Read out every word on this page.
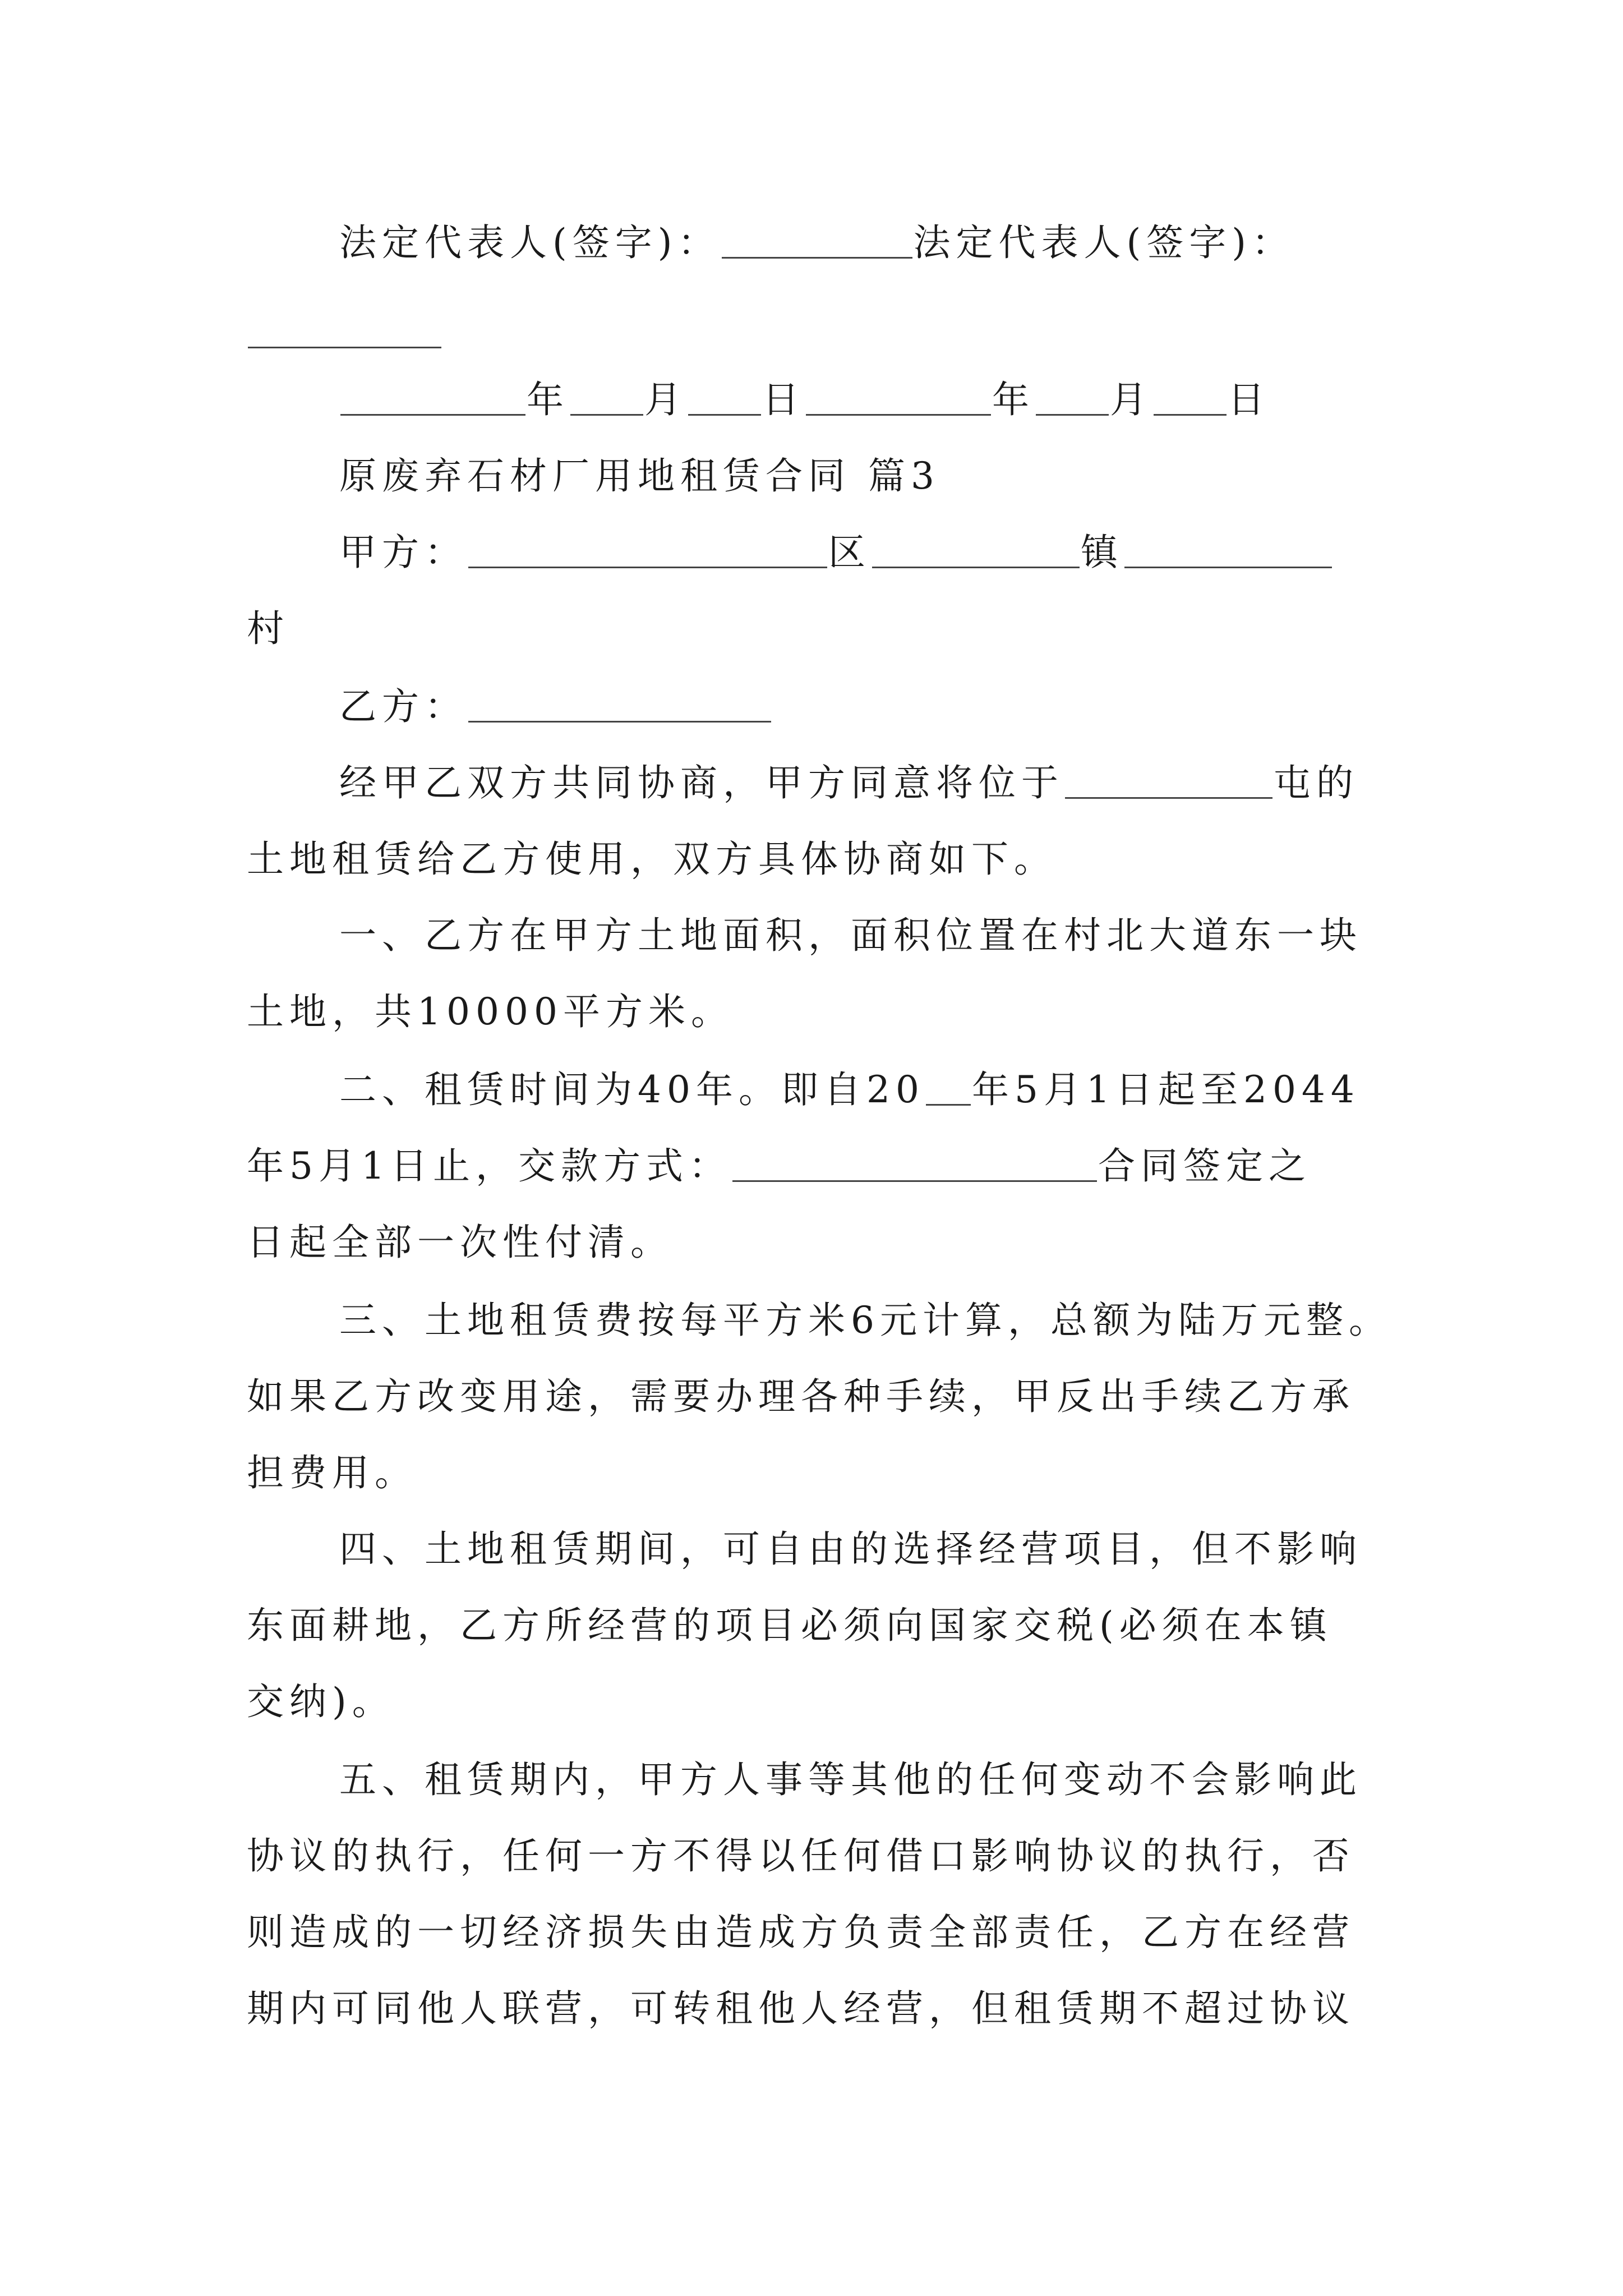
法定代表人(签字)：	法定代表人(签字)：
年 月 日	年 月 日
原废弃石材厂用地租赁合同 篇3
甲方：	区	镇
村
乙方：
经甲乙双方共同协商，甲方同意将位于	屯的
土地租赁给乙方使用，双方具体协商如下。
一、乙方在甲方土地面积，面积位置在村北大道东一块
土地，共10000平方米。
二、租赁时间为40年。即自20 年5月1日起至2044
年5月1日止，交款方式：	合同签定之
日起全部一次性付清。
三、土地租赁费按每平方米6元计算，总额为陆万元整。
如果乙方改变用途，需要办理各种手续，甲反出手续乙方承
担费用。
四、土地租赁期间，可自由的选择经营项目，但不影响
东面耕地，乙方所经营的项目必须向国家交税(必须在本镇
交纳)。
五、租赁期内，甲方人事等其他的任何变动不会影响此
协议的执行，任何一方不得以任何借口影响协议的执行，否
则造成的一切经济损失由造成方负责全部责任，乙方在经营
期内可同他人联营，可转租他人经营，但租赁期不超过协议
